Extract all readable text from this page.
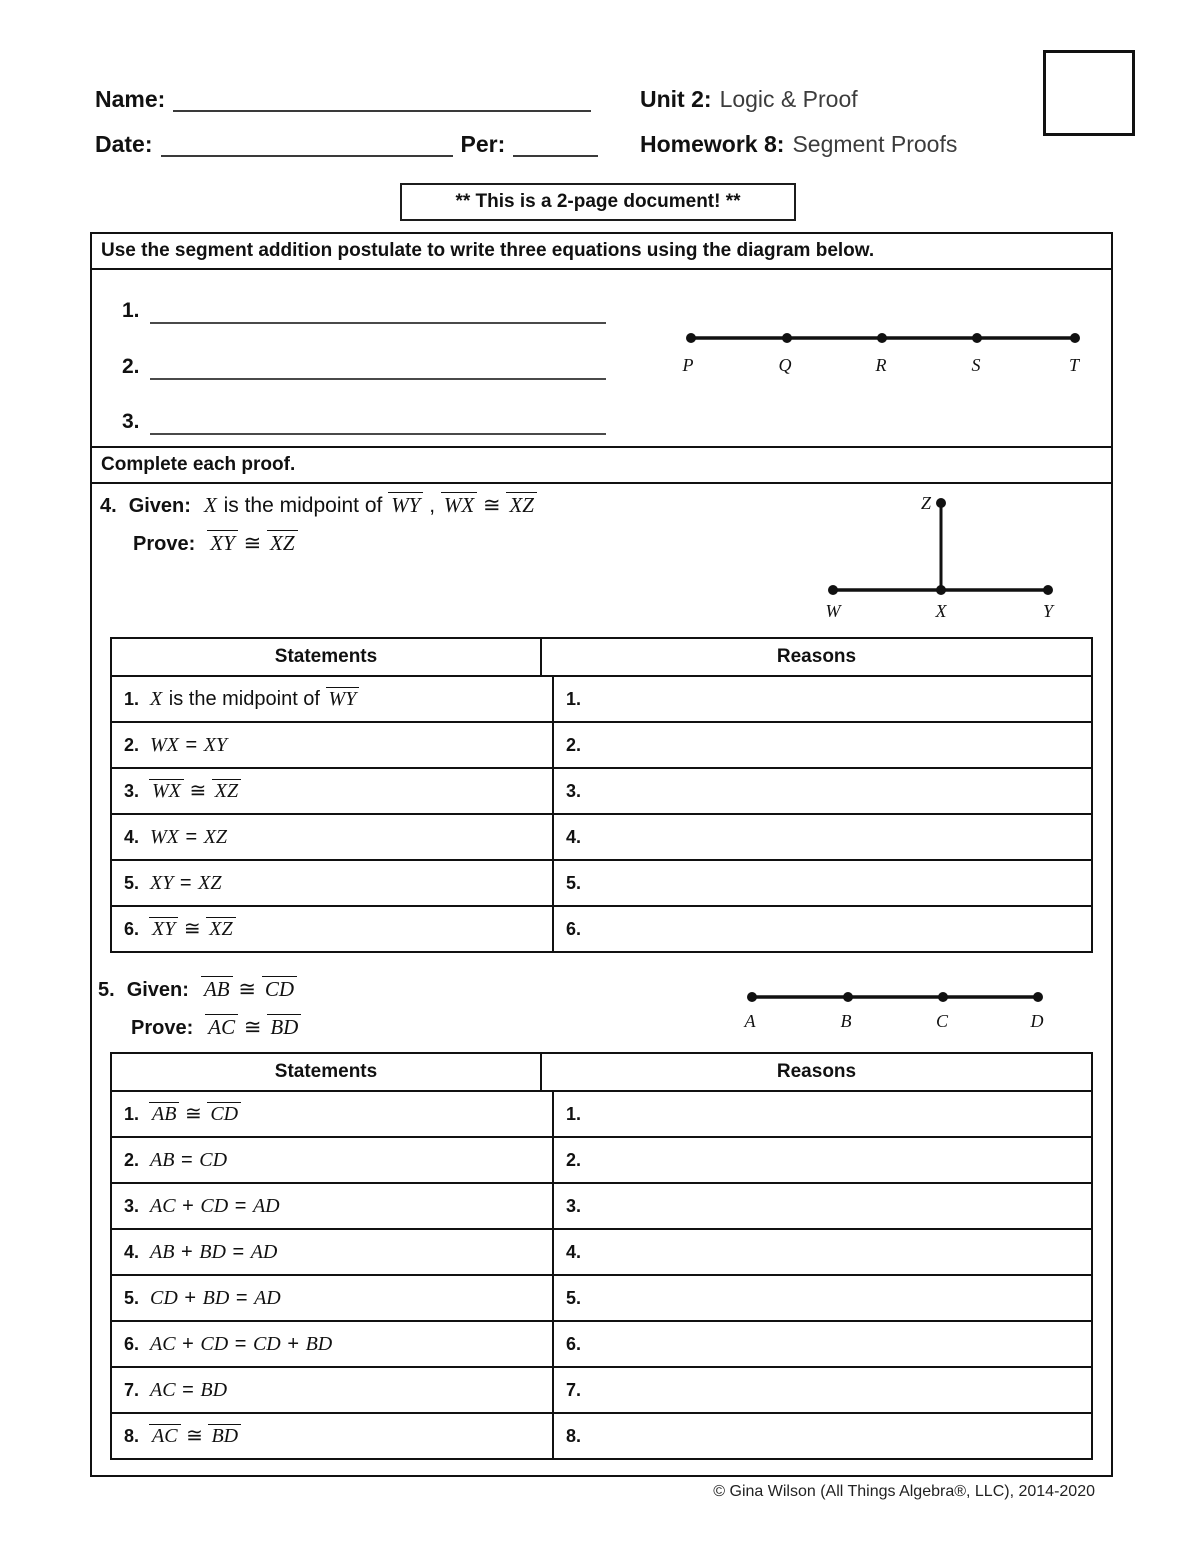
Name:	Unit 2: Logic & Proof
Date:	Per:	Homework 8: Segment Proofs
** This is a 2-page document! **
Use the segment addition postulate to write three equations using the diagram below.
1.
2.
3.
P	Q	R	S	T
Complete each proof.
4. Given: X is the midpoint of WY , WX ≅ XZ
Prove: XY ≅ XZ
Z
W	X	Y
Statements	Reasons
1. X is the midpoint of WY	1.
2. WX = XY	2.
3. WX ≅ XZ	3.
4. WX = XZ	4.
5. XY = XZ	5.
6. XY ≅ XZ	6.
5. Given: AB ≅ CD
Prove: AC ≅ BD	A	B	C	D
Statements	Reasons
1. AB ≅ CD	1.
2. AB = CD	2.
3. AC + CD = AD	3.
4. AB + BD = AD	4.
5. CD + BD = AD	5.
6. AC + CD = CD + BD	6.
7. AC = BD	7.
8. AC ≅ BD	8.
© Gina Wilson (All Things Algebra®, LLC), 2014-2020
